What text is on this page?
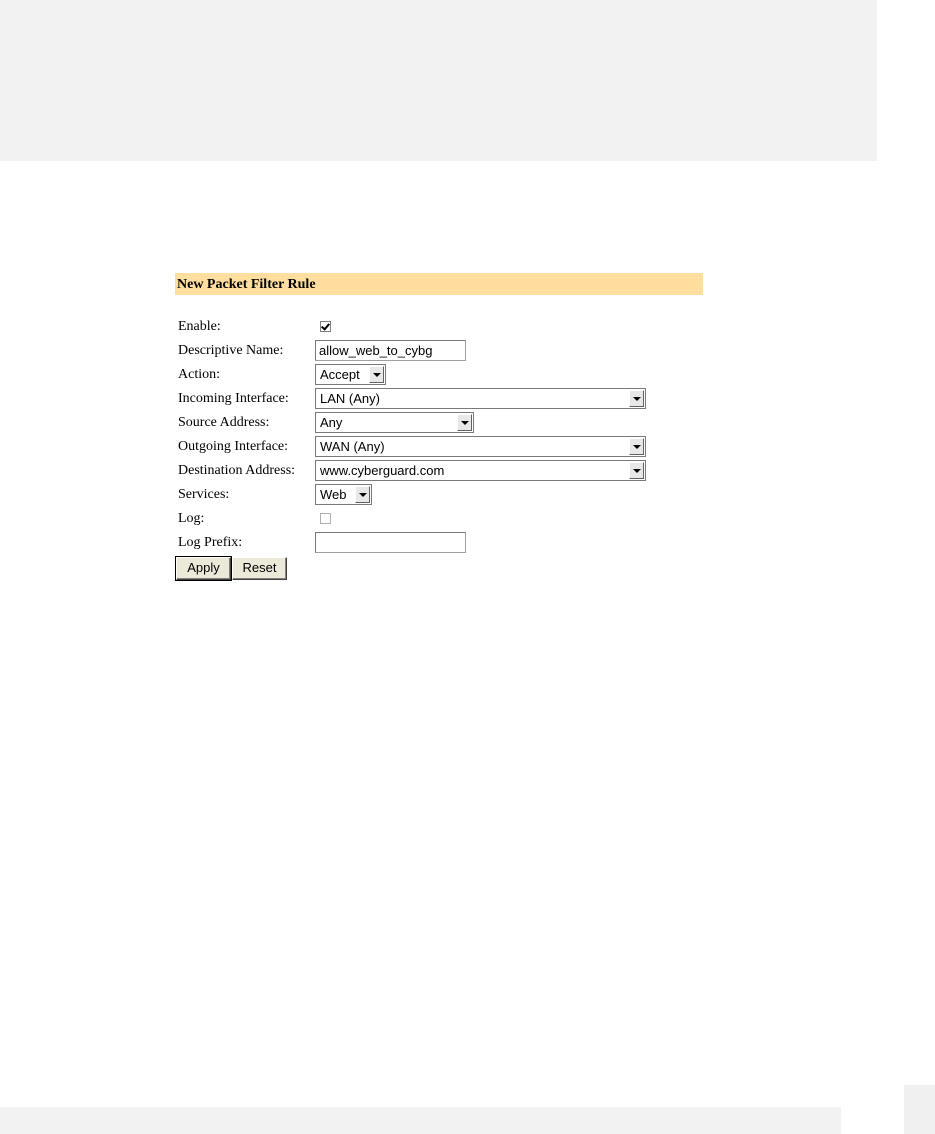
New Packet Filter Rule
Enable:
Descriptive Name:	allow_web_to_cybg
Action:	Accept
Incoming Interface: LAN (Any)
Source Address:	Any
Outgoing Interface: WAN (Any)
Destination Address: www.cyberguard.com
Services:	Web
Log:
Log Prefix:
Apply	Reset
